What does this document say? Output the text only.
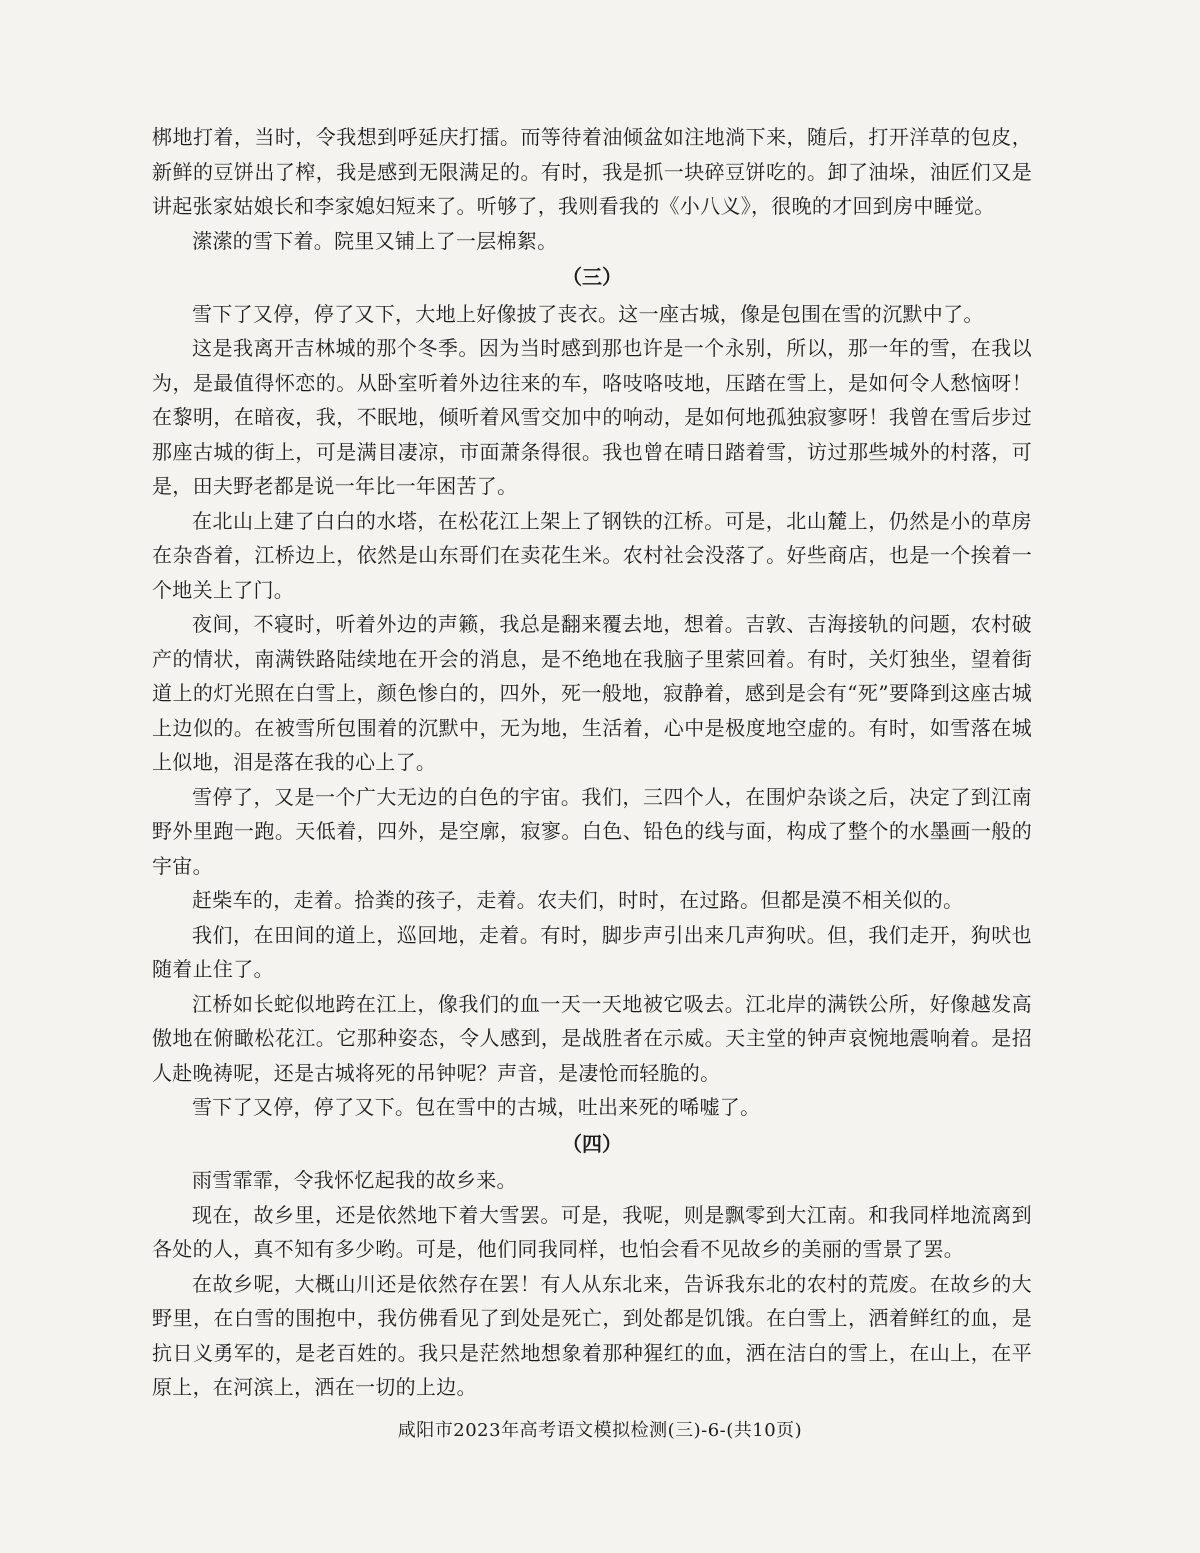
梆地打着，当时，令我想到呼延庆打擂。而等待着油倾盆如注地淌下来，随后，打开洋草的包皮，新鲜的豆饼出了榨，我是感到无限满足的。有时，我是抓一块碎豆饼吃的。卸了油垛，油匠们又是讲起张家姑娘长和李家媳妇短来了。听够了，我则看我的《小八义》，很晚的才回到房中睡觉。

潆潆的雪下着。院里又铺上了一层棉絮。

（三）

雪下了又停，停了又下，大地上好像披了丧衣。这一座古城，像是包围在雪的沉默中了。

这是我离开吉林城的那个冬季。因为当时感到那也许是一个永别，所以，那一年的雪，在我以为，是最值得怀恋的。从卧室听着外边往来的车，咯吱咯吱地，压踏在雪上，是如何令人愁恼呀！在黎明，在暗夜，我，不眠地，倾听着风雪交加中的响动，是如何地孤独寂寥呀！我曾在雪后步过那座古城的街上，可是满目凄凉，市面萧条得很。我也曾在晴日踏着雪，访过那些城外的村落，可是，田夫野老都是说一年比一年困苦了。

在北山上建了白白的水塔，在松花江上架上了钢铁的江桥。可是，北山麓上，仍然是小的草房在杂沓着，江桥边上，依然是山东哥们在卖花生米。农村社会没落了。好些商店，也是一个挨着一个地关上了门。

夜间，不寝时，听着外边的声籁，我总是翻来覆去地，想着。吉敦、吉海接轨的问题，农村破产的情状，南满铁路陆续地在开会的消息，是不绝地在我脑子里萦回着。有时，关灯独坐，望着街道上的灯光照在白雪上，颜色惨白的，四外，死一般地，寂静着，感到是会有“死”要降到这座古城上边似的。在被雪所包围着的沉默中，无为地，生活着，心中是极度地空虚的。有时，如雪落在城上似地，泪是落在我的心上了。

雪停了，又是一个广大无边的白色的宇宙。我们，三四个人，在围炉杂谈之后，决定了到江南野外里跑一跑。天低着，四外，是空廓，寂寥。白色、铅色的线与面，构成了整个的水墨画一般的宇宙。

赶柴车的，走着。拾粪的孩子，走着。农夫们，时时，在过路。但都是漠不相关似的。

我们，在田间的道上，巡回地，走着。有时，脚步声引出来几声狗吠。但，我们走开，狗吠也随着止住了。

江桥如长蛇似地跨在江上，像我们的血一天一天地被它吸去。江北岸的满铁公所，好像越发高傲地在俯瞰松花江。它那种姿态，令人感到，是战胜者在示威。天主堂的钟声哀惋地震响着。是招人赴晚祷呢，还是古城将死的吊钟呢？声音，是凄怆而轻脆的。

雪下了又停，停了又下。包在雪中的古城，吐出来死的唏嘘了。

（四）

雨雪霏霏，令我怀忆起我的故乡来。

现在，故乡里，还是依然地下着大雪罢。可是，我呢，则是飘零到大江南。和我同样地流离到各处的人，真不知有多少哟。可是，他们同我同样，也怕会看不见故乡的美丽的雪景了罢。

在故乡呢，大概山川还是依然存在罢！有人从东北来，告诉我东北的农村的荒废。在故乡的大野里，在白雪的围抱中，我仿佛看见了到处是死亡，到处都是饥饿。在白雪上，洒着鲜红的血，是抗日义勇军的，是老百姓的。我只是茫然地想象着那种猩红的血，洒在洁白的雪上，在山上，在平原上，在河滨上，洒在一切的上边。

咸阳市2023年高考语文模拟检测(三)-6-(共10页)
